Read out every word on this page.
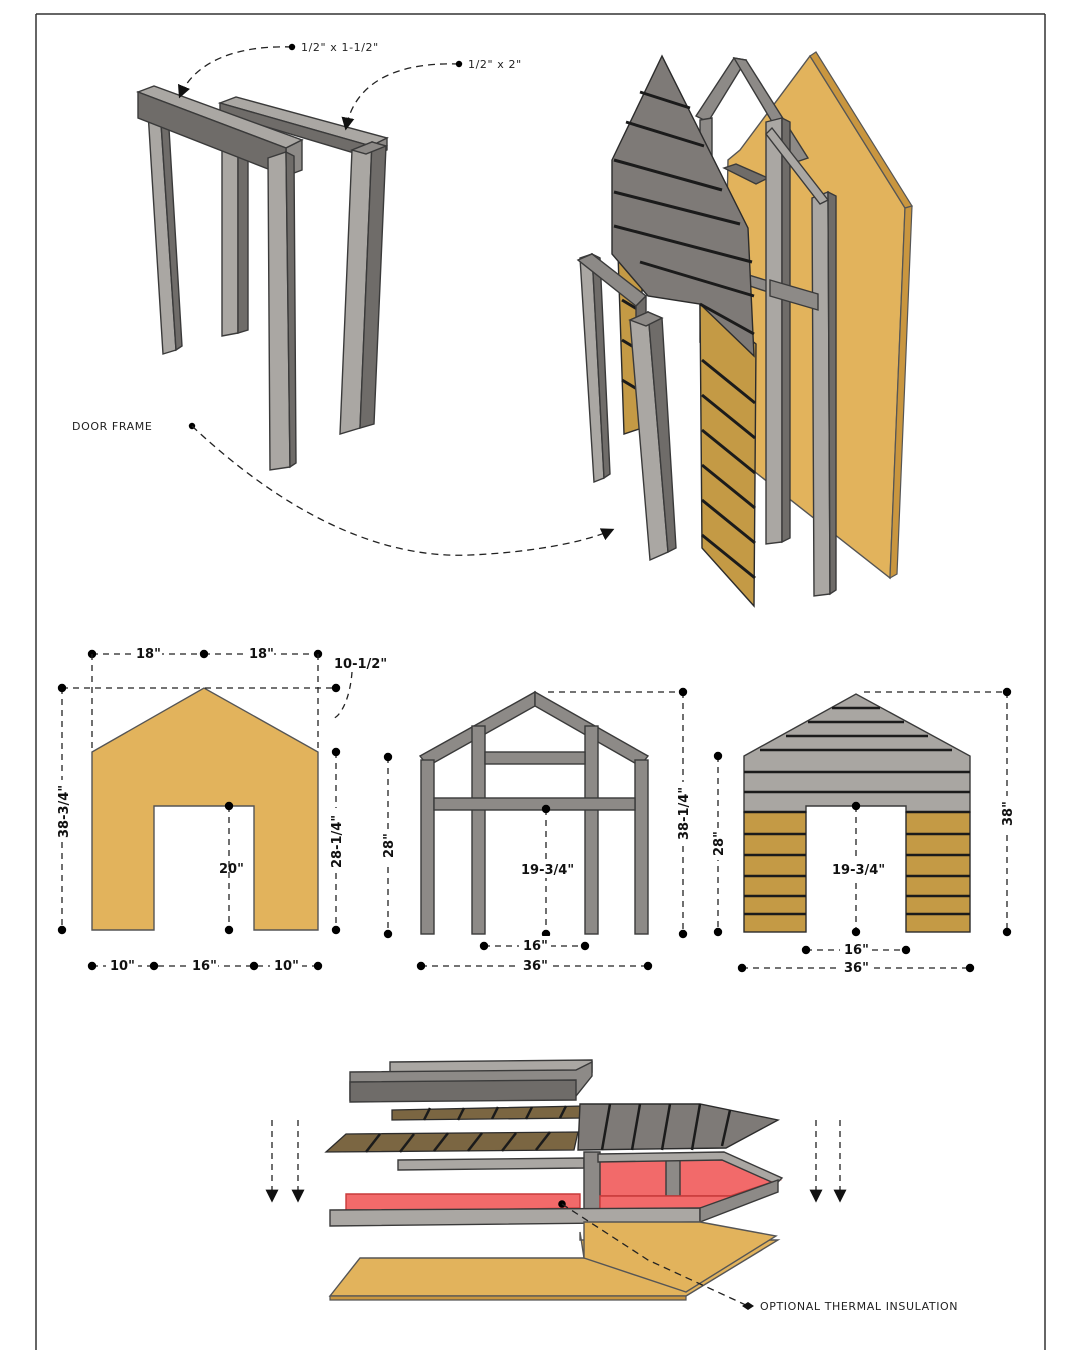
1/2" x 1-1/2"
1/2" x 2"
DOOR FRAME
18"	18"
10-1/2"
38-3/4"
28-1/4"
20"
10"	16"	10"
28"
19-3/4"
38-1/4"
16"
36"
28"
19-3/4"
38"
16"
36"
OPTIONAL THERMAL INSULATION
